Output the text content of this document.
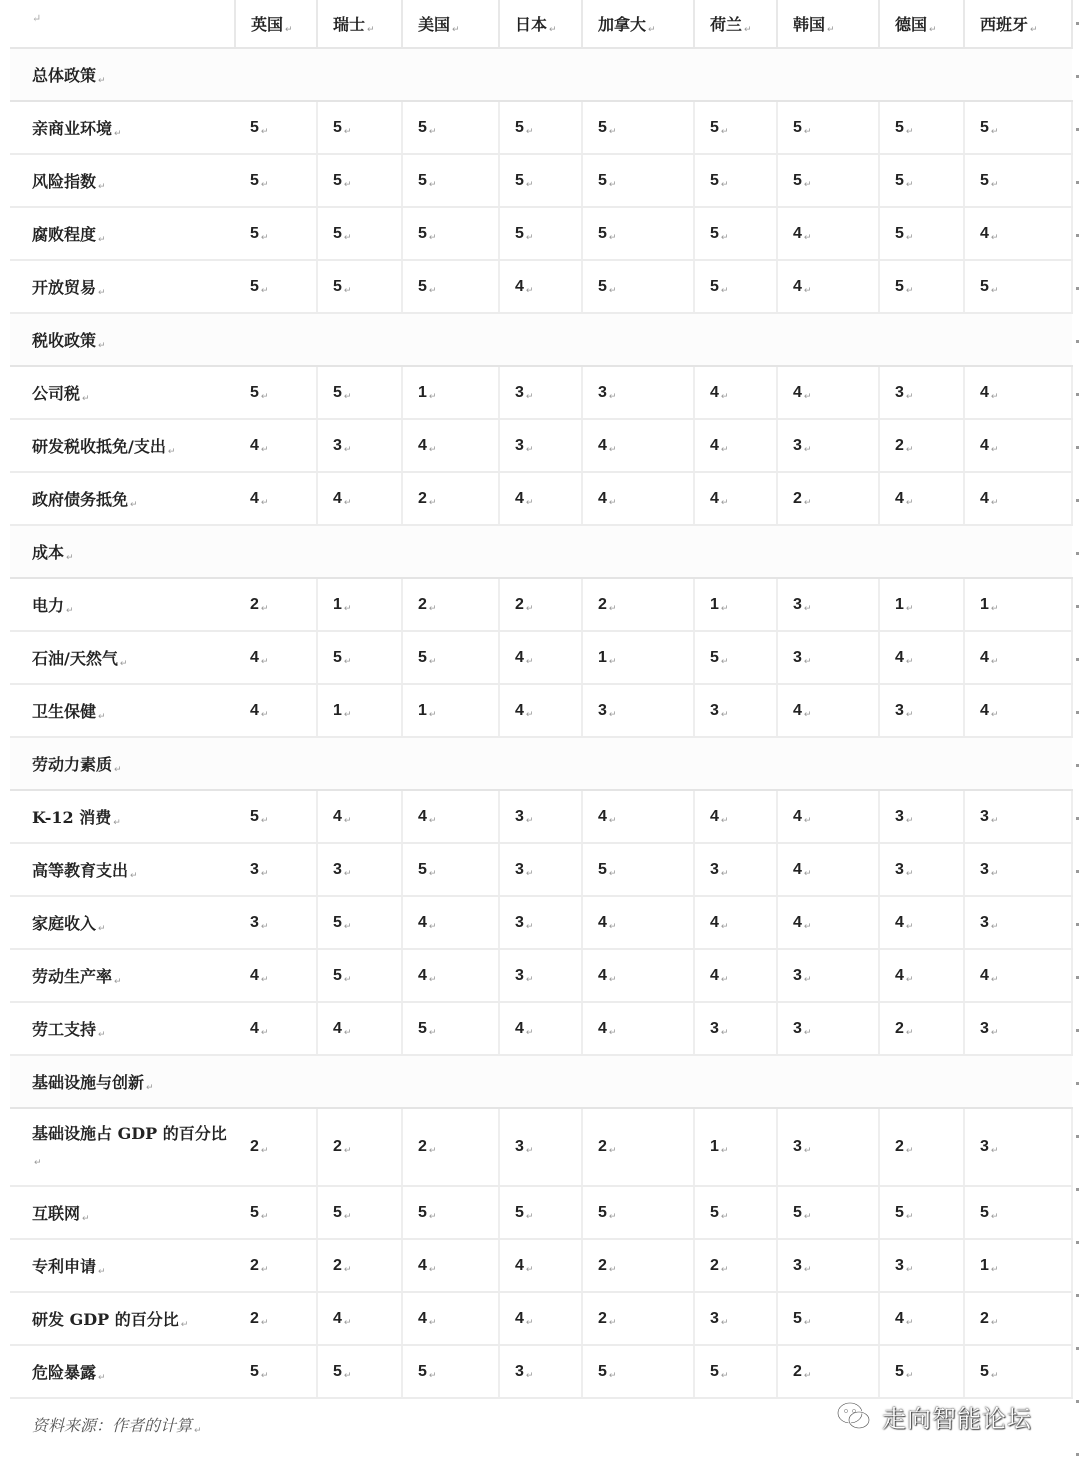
↵	英国 ↵	瑞士 ↵	美国 ↵	日本 ↵	加拿大 ↵	荷兰 ↵	韩国 ↵	德国 ↵	西班牙 ↵
总体政策 ↵									
亲商业环境 ↵	5 ↵	5 ↵	5 ↵	5 ↵	5 ↵	5 ↵	5 ↵	5 ↵	5 ↵
风险指数 ↵	5 ↵	5 ↵	5 ↵	5 ↵	5 ↵	5 ↵	5 ↵	5 ↵	5 ↵
腐败程度 ↵	5 ↵	5 ↵	5 ↵	5 ↵	5 ↵	5 ↵	4 ↵	5 ↵	4 ↵
开放贸易 ↵	5 ↵	5 ↵	5 ↵	4 ↵	5 ↵	5 ↵	4 ↵	5 ↵	5 ↵
税收政策 ↵									
公司税 ↵	5 ↵	5 ↵	1 ↵	3 ↵	3 ↵	4 ↵	4 ↵	3 ↵	4 ↵
研发税收抵免/支出 ↵	4 ↵	3 ↵	4 ↵	3 ↵	4 ↵	4 ↵	3 ↵	2 ↵	4 ↵
政府债务抵免 ↵	4 ↵	4 ↵	2 ↵	4 ↵	4 ↵	4 ↵	2 ↵	4 ↵	4 ↵
成本 ↵									
电力 ↵	2 ↵	1 ↵	2 ↵	2 ↵	2 ↵	1 ↵	3 ↵	1 ↵	1 ↵
石油/天然气 ↵	4 ↵	5 ↵	5 ↵	4 ↵	1 ↵	5 ↵	3 ↵	4 ↵	4 ↵
卫生保健 ↵	4 ↵	1 ↵	1 ↵	4 ↵	3 ↵	3 ↵	4 ↵	3 ↵	4 ↵
劳动力素质 ↵									
K-12 消费 ↵	5 ↵	4 ↵	4 ↵	3 ↵	4 ↵	4 ↵	4 ↵	3 ↵	3 ↵
高等教育支出 ↵	3 ↵	3 ↵	5 ↵	3 ↵	5 ↵	3 ↵	4 ↵	3 ↵	3 ↵
家庭收入 ↵	3 ↵	5 ↵	4 ↵	3 ↵	4 ↵	4 ↵	4 ↵	4 ↵	3 ↵
劳动生产率 ↵	4 ↵	5 ↵	4 ↵	3 ↵	4 ↵	4 ↵	3 ↵	4 ↵	4 ↵
劳工支持 ↵	4 ↵	4 ↵	5 ↵	4 ↵	4 ↵	3 ↵	3 ↵	2 ↵	3 ↵
基础设施与创新 ↵									
基础设施占 GDP 的百分比↵	2 ↵	2 ↵	2 ↵	3 ↵	2 ↵	1 ↵	3 ↵	2 ↵	3 ↵
互联网 ↵	5 ↵	5 ↵	5 ↵	5 ↵	5 ↵	5 ↵	5 ↵	5 ↵	5 ↵
专利申请 ↵	2 ↵	2 ↵	4 ↵	4 ↵	2 ↵	2 ↵	3 ↵	3 ↵	1 ↵
研发 GDP 的百分比 ↵	2 ↵	4 ↵	4 ↵	4 ↵	2 ↵	3 ↵	5 ↵	4 ↵	2 ↵
危险暴露 ↵	5 ↵	5 ↵	5 ↵	3 ↵	5 ↵	5 ↵	2 ↵	5 ↵	5 ↵
资料来源：作者的计算 ↵										走向智能论坛
